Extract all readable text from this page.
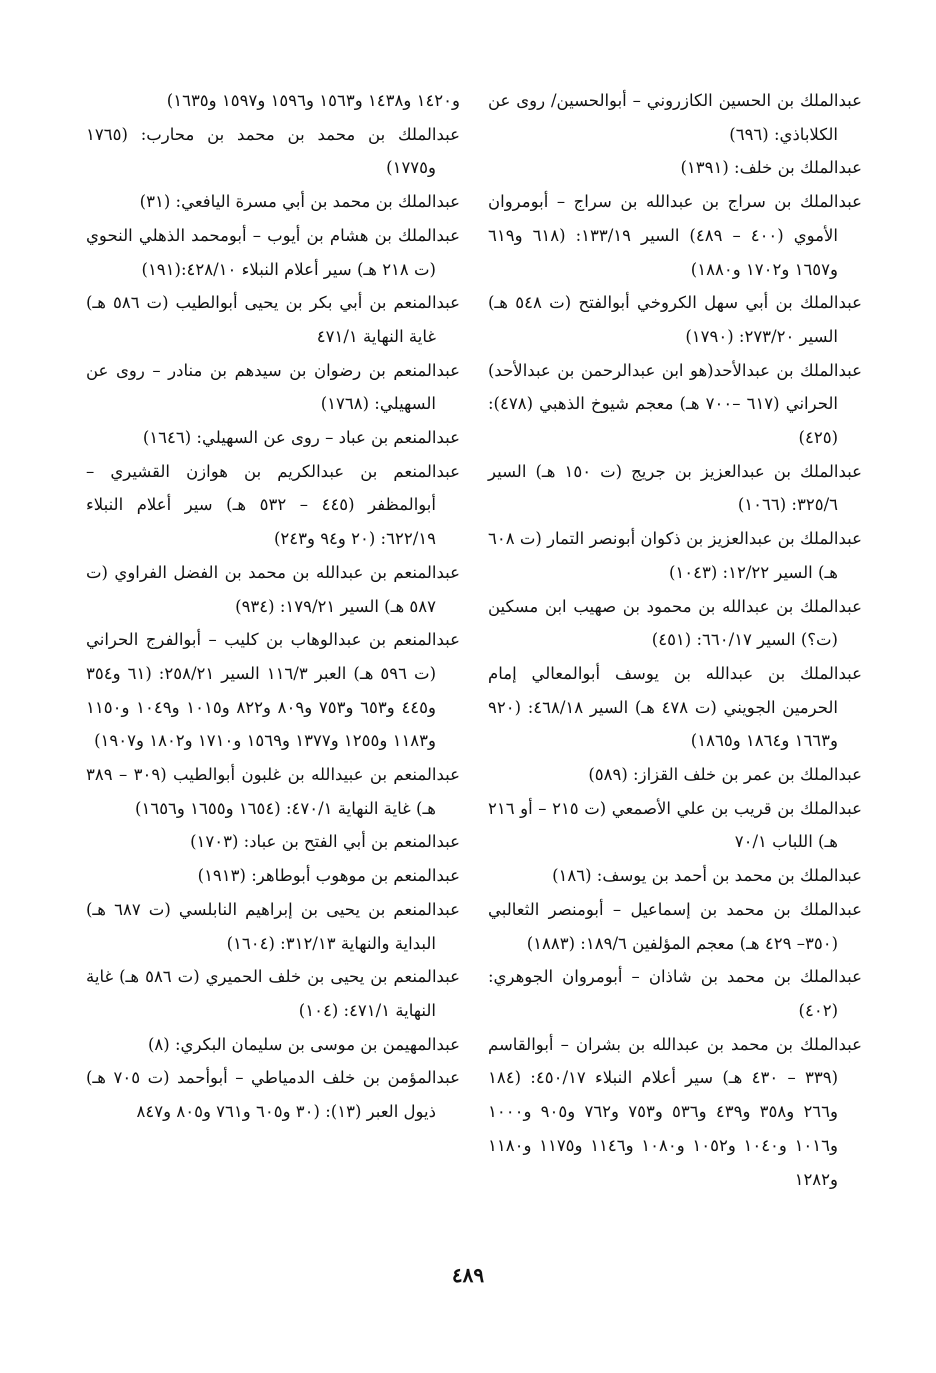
عبدالملك بن الحسين الكازروني – أبوالحسين/ روى عن الكلاباذي: (٦٩٦)

عبدالملك بن خلف: (١٣٩١)

عبدالملك بن سراج بن عبدالله بن سراج – أبومروان الأموي (٤٠٠ – ٤٨٩) السير ١٣٣/١٩: (٦١٨ و٦١٩ و١٦٥٧ و١٧٠٢ و١٨٨٠)

عبدالملك بن أبي سهل الكروخي أبوالفتح (ت ٥٤٨ هـ) السير ٢٧٣/٢٠: (١٧٩٠)

عبدالملك بن عبدالأحد(هو ابن عبدالرحمن بن عبدالأحد) الحراني (٦١٧ –٧٠٠ هـ) معجم شيوخ الذهبي (٤٧٨): (٤٢٥)

عبدالملك بن عبدالعزيز بن جريج (ت ١٥٠ هـ) السير ٣٢٥/٦: (١٠٦٦)

عبدالملك بن عبدالعزيز بن ذكوان أبونصر التمار (ت ٦٠٨ هـ) السير ١٢/٢٢: (١٠٤٣)

عبدالملك بن عبدالله بن محمود بن صهيب ابن مسكين (ت؟) السير ٦٦٠/١٧: (٤٥١)

عبدالملك بن عبدالله بن يوسف أبوالمعالي إمام الحرمين الجويني (ت ٤٧٨ هـ) السير ٤٦٨/١٨: (٩٢٠ و١٦٦٣ و١٨٦٤ و١٨٦٥)

عبدالملك بن عمر بن خلف القزاز: (٥٨٩)

عبدالملك بن قريب بن علي الأصمعي (ت ٢١٥ – أو ٢١٦ هـ) اللباب ٧٠/١

عبدالملك بن محمد بن أحمد بن يوسف: (١٨٦)

عبدالملك بن محمد بن إسماعيل – أبومنصر الثعالبي (٣٥٠– ٤٢٩ هـ) معجم المؤلفين ١٨٩/٦: (١٨٨٣)

عبدالملك بن محمد بن شاذان – أبومروان الجوهري: (٤٠٢)

عبدالملك بن محمد بن عبدالله بن بشران – أبوالقاسم (٣٣٩ – ٤٣٠ هـ) سير أعلام النبلاء ٤٥٠/١٧: (١٨٤ و٢٦٦ و٣٥٨ و٤٣٩ و٥٣٦ و٧٥٣ و٧٦٢ و٩٠٥ و١٠٠٠ و١٠١٦ و١٠٤٠ و١٠٥٢ و١٠٨٠ و١١٤٦ و١١٧٥ و١١٨٠ و١٢٨٢

و١٤٢٠ و١٤٣٨ و١٥٦٣ و١٥٩٦ و١٥٩٧ و١٦٣٥)

عبدالملك بن محمد بن محمد بن محارب: (١٧٦٥ و١٧٧٥)

عبدالملك بن محمد بن أبي مسرة اليافعي: (٣١)

عبدالملك بن هشام بن أيوب – أبومحمد الذهلي النحوي (ت ٢١٨ هـ) سير أعلام النبلاء ٤٢٨/١٠:(١٩١)

عبدالمنعم بن أبي بكر بن يحيى أبوالطيب (ت ٥٨٦ هـ) غاية النهاية ٤٧١/١

عبدالمنعم بن رضوان بن سيدهم بن منادر – روى عن السهيلي: (١٧٦٨)

عبدالمنعم بن عباد – روى عن السهيلي: (١٦٤٦)

عبدالمنعم بن عبدالكريم بن هوازن القشيري – أبوالمظفر (٤٤٥ – ٥٣٢ هـ) سير أعلام النبلاء ٦٢٢/١٩: (٢٠ و٩٤ و٢٤٣)

عبدالمنعم بن عبدالله بن محمد بن الفضل الفراوي (ت ٥٨٧ هـ) السير ١٧٩/٢١: (٩٣٤)

عبدالمنعم بن عبدالوهاب بن كليب – أبوالفرج الحراني (ت ٥٩٦ هـ) العبر ١١٦/٣ السير ٢٥٨/٢١: (٦١ و٣٥٤ و٤٤٥ و٦٥٣ و٧٥٣ و٨٠٩ و٨٢٢ و١٠١٥ و١٠٤٩ و١١٥٠ و١١٨٣ و١٢٥٥ و١٣٧٧ و١٥٦٩ و١٧١٠ و١٨٠٢ و١٩٠٧)

عبدالمنعم بن عبيدالله بن غلبون أبوالطيب (٣٠٩ – ٣٨٩ هـ) غاية النهاية ٤٧٠/١: (١٦٥٤ و١٦٥٥ و١٦٥٦)

عبدالمنعم بن أبي الفتح بن عباد: (١٧٠٣)

عبدالمنعم بن موهوب أبوطاهر: (١٩١٣)

عبدالمنعم بن يحيى بن إبراهيم النابلسي (ت ٦٨٧ هـ) البداية والنهاية ٣١٢/١٣: (١٦٠٤)

عبدالمنعم بن يحيى بن خلف الحميري (ت ٥٨٦ هـ) غاية النهاية ٤٧١/١: (١٠٤)

عبدالمهيمن بن موسى بن سليمان البكري: (٨)

عبدالمؤمن بن خلف الدمياطي – أبوأحمد (ت ٧٠٥ هـ) ذيول العبر (١٣): (٣٠ و٦٠٥ و٧٦١ و٨٠٥ و٨٤٧

٤٨٩
